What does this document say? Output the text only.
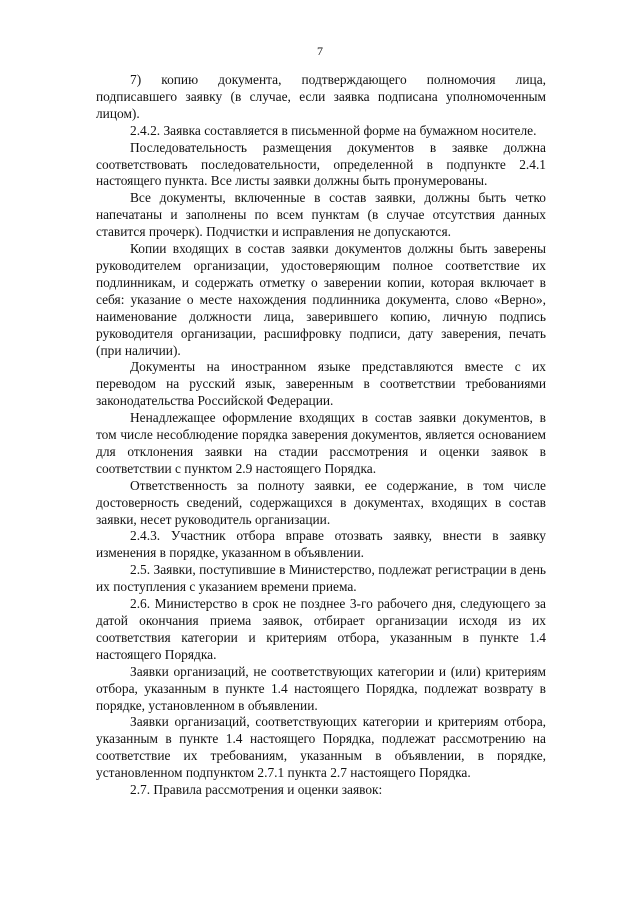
7

7) копию документа, подтверждающего полномочия лица, подписавшего заявку (в случае, если заявка подписана уполномоченным лицом).

2.4.2. Заявка составляется в письменной форме на бумажном носителе.

Последовательность размещения документов в заявке должна соответствовать последовательности, определенной в подпункте 2.4.1 настоящего пункта. Все листы заявки должны быть пронумерованы.

Все документы, включенные в состав заявки, должны быть четко напечатаны и заполнены по всем пунктам (в случае отсутствия данных ставится прочерк). Подчистки и исправления не допускаются.

Копии входящих в состав заявки документов должны быть заверены руководителем организации, удостоверяющим полное соответствие их подлинникам, и содержать отметку о заверении копии, которая включает в себя: указание о месте нахождения подлинника документа, слово «Верно», наименование должности лица, заверившего копию, личную подпись руководителя организации, расшифровку подписи, дату заверения, печать (при наличии).

Документы на иностранном языке представляются вместе с их переводом на русский язык, заверенным в соответствии требованиями законодательства Российской Федерации.

Ненадлежащее оформление входящих в состав заявки документов, в том числе несоблюдение порядка заверения документов, является основанием для отклонения заявки на стадии рассмотрения и оценки заявок в соответствии с пунктом 2.9 настоящего Порядка.

Ответственность за полноту заявки, ее содержание, в том числе достоверность сведений, содержащихся в документах, входящих в состав заявки, несет руководитель организации.

2.4.3. Участник отбора вправе отозвать заявку, внести в заявку изменения в порядке, указанном в объявлении.

2.5. Заявки, поступившие в Министерство, подлежат регистрации в день их поступления с указанием времени приема.

2.6. Министерство в срок не позднее 3-го рабочего дня, следующего за датой окончания приема заявок, отбирает организации исходя из их соответствия категории и критериям отбора, указанным в пункте 1.4 настоящего Порядка.

Заявки организаций, не соответствующих категории и (или) критериям отбора, указанным в пункте 1.4 настоящего Порядка, подлежат возврату в порядке, установленном в объявлении.

Заявки организаций, соответствующих категории и критериям отбора, указанным в пункте 1.4 настоящего Порядка, подлежат рассмотрению на соответствие их требованиям, указанным в объявлении, в порядке, установленном подпунктом 2.7.1 пункта 2.7 настоящего Порядка.

2.7. Правила рассмотрения и оценки заявок:
